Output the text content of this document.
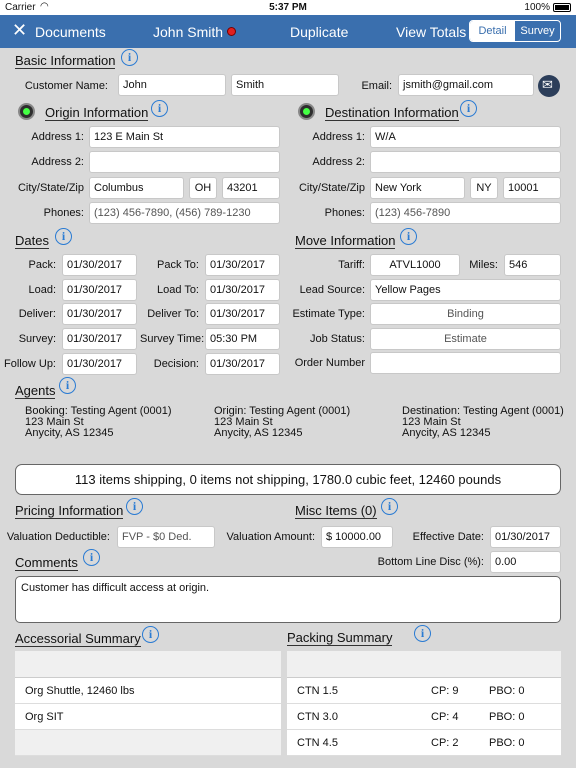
Carrier ◠	5:37 PM	100%
✕ Documents	John Smith	Duplicate	View Totals	Detail	Survey
Basic Information	i
Customer Name:	John	Smith	Email:	jsmith@gmail.com
✉
Origin Information i
Address 1: 123 E Main St
Address 2:
City/State/Zip Columbus	OH	43201
Phones: (123) 456-7890, (456) 789-1230
Destination Information i
Address 1: W/A
Address 2:
City/State/Zip New York	NY	10001
Phones: (123) 456-7890
Dates	i
Pack:	01/30/2017	Pack To:	01/30/2017
Load:	01/30/2017	Load To:	01/30/2017
Deliver:	01/30/2017	Deliver To:	01/30/2017
Survey:	01/30/2017	Survey Time: 05:30 PM
Follow Up:	01/30/2017	Decision:	01/30/2017
Move Information i
Tariff:	ATVL1000	Miles:	546
Lead Source: Yellow Pages
Estimate Type:	Binding
Job Status:	Estimate
Order Number
Agents i
Booking: Testing Agent (0001)
123 Main St
Anycity, AS 12345
Origin: Testing Agent (0001)
123 Main St
Anycity, AS 12345
Destination: Testing Agent (0001)
123 Main St
Anycity, AS 12345
113 items shipping, 0 items not shipping, 1780.0 cubic feet, 12460 pounds
Pricing Information i
Valuation Deductible:	FVP - $0 Ded.	Valuation Amount:	$ 10000.00
Misc Items (0) i
Effective Date:	01/30/2017
Bottom Line Disc (%):	0.00
Comments i
Customer has difficult access at origin.
Accessorial Summary i
Org Shuttle, 12460 lbs
Org SIT
Packing Summary	i
CTN 1.5	CP: 9	PBO: 0
CTN 3.0	CP: 4	PBO: 0
CTN 4.5	CP: 2	PBO: 0
